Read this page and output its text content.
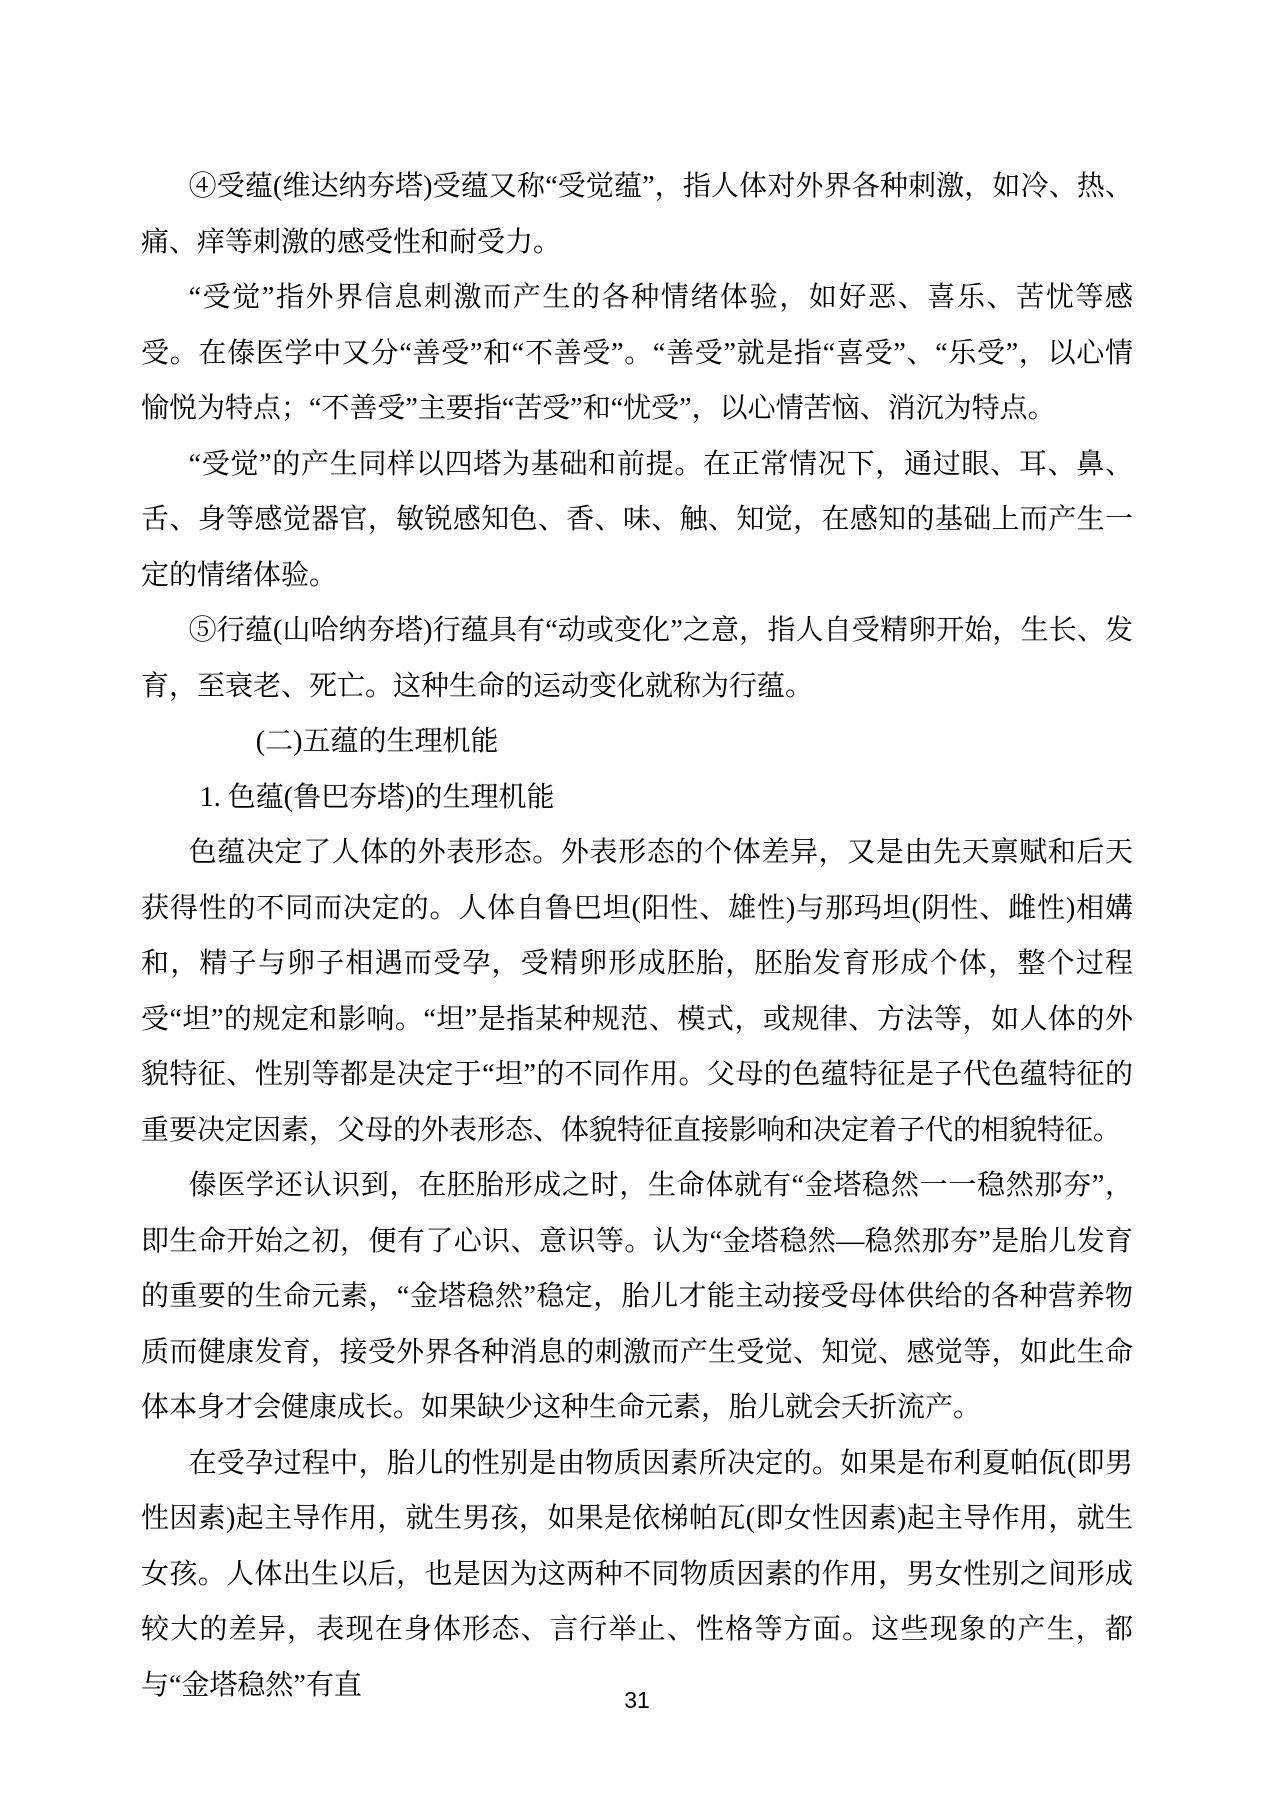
④受蕴(维达纳夯塔)受蕴又称“受觉蕴”，指人体对外界各种刺激，如冷、热、痛、痒等刺激的感受性和耐受力。

“受觉”指外界信息刺激而产生的各种情绪体验，如好恶、喜乐、苦忧等感受。在傣医学中又分“善受”和“不善受”。“善受”就是指“喜受”、“乐受”，以心情愉悦为特点；“不善受”主要指“苦受”和“忧受”，以心情苦恼、消沉为特点。

“受觉”的产生同样以四塔为基础和前提。在正常情况下，通过眼、耳、鼻、舌、身等感觉器官，敏锐感知色、香、味、触、知觉，在感知的基础上而产生一定的情绪体验。

⑤行蕴(山哈纳夯塔)行蕴具有“动或变化”之意，指人自受精卵开始，生长、发育，至衰老、死亡。这种生命的运动变化就称为行蕴。

(二)五蕴的生理机能

1. 色蕴(鲁巴夯塔)的生理机能

色蕴决定了人体的外表形态。外表形态的个体差异，又是由先天禀赋和后天获得性的不同而决定的。人体自鲁巴坦(阳性、雄性)与那玛坦(阴性、雌性)相媾和，精子与卵子相遇而受孕，受精卵形成胚胎，胚胎发育形成个体，整个过程受“坦”的规定和影响。“坦”是指某种规范、模式，或规律、方法等，如人体的外貌特征、性别等都是决定于“坦”的不同作用。父母的色蕴特征是子代色蕴特征的重要决定因素，父母的外表形态、体貌特征直接影响和决定着子代的相貌特征。

傣医学还认识到，在胚胎形成之时，生命体就有“金塔稳然一一稳然那夯”，即生命开始之初，便有了心识、意识等。认为“金塔稳然—稳然那夯”是胎儿发育的重要的生命元素，“金塔稳然”稳定，胎儿才能主动接受母体供给的各种营养物质而健康发育，接受外界各种消息的刺激而产生受觉、知觉、感觉等，如此生命体本身才会健康成长。如果缺少这种生命元素，胎儿就会夭折流产。

在受孕过程中，胎儿的性别是由物质因素所决定的。如果是布利夏帕佤(即男性因素)起主导作用，就生男孩，如果是依梯帕瓦(即女性因素)起主导作用，就生女孩。人体出生以后，也是因为这两种不同物质因素的作用，男女性别之间形成较大的差异，表现在身体形态、言行举止、性格等方面。这些现象的产生，都与“金塔稳然”有直	31
